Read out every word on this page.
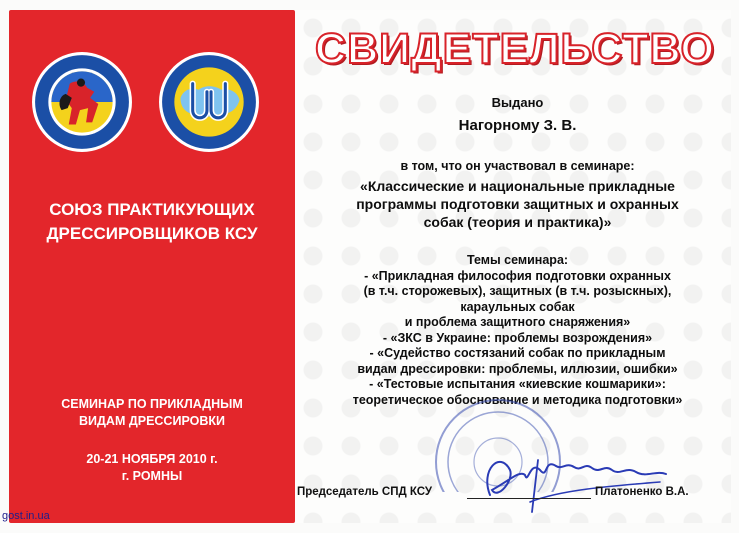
СОЮЗ ПРАКТИКУЮЩИХ
ДРЕССИРОВЩИКОВ КСУ
СЕМИНАР ПО ПРИКЛАДНЫМ
ВИДАМ ДРЕССИРОВКИ
20-21 НОЯБРЯ 2010 г.
г. РОМНЫ
СВИДЕТЕЛЬСТВО
Выдано
Нагорному З. В.
в том, что он участвовал в семинаре:
«Классические и национальные прикладные
программы подготовки защитных и охранных
собак (теория и практика)»
Темы семинара:
- «Прикладная философия подготовки охранных
(в т.ч. сторожевых), защитных (в т.ч. розыскных),
караульных собак
и проблема защитного снаряжения»
- «ЗКС в Украине: проблемы возрождения»
- «Судейство состязаний собак по прикладным
видам дрессировки: проблемы, иллюзии, ошибки»
- «Тестовые испытания «киевские кошмарики»:
теоретическое обоснование и методика подготовки»
Председатель СПД КСУ	Платоненко В.А.
gost.in.ua
